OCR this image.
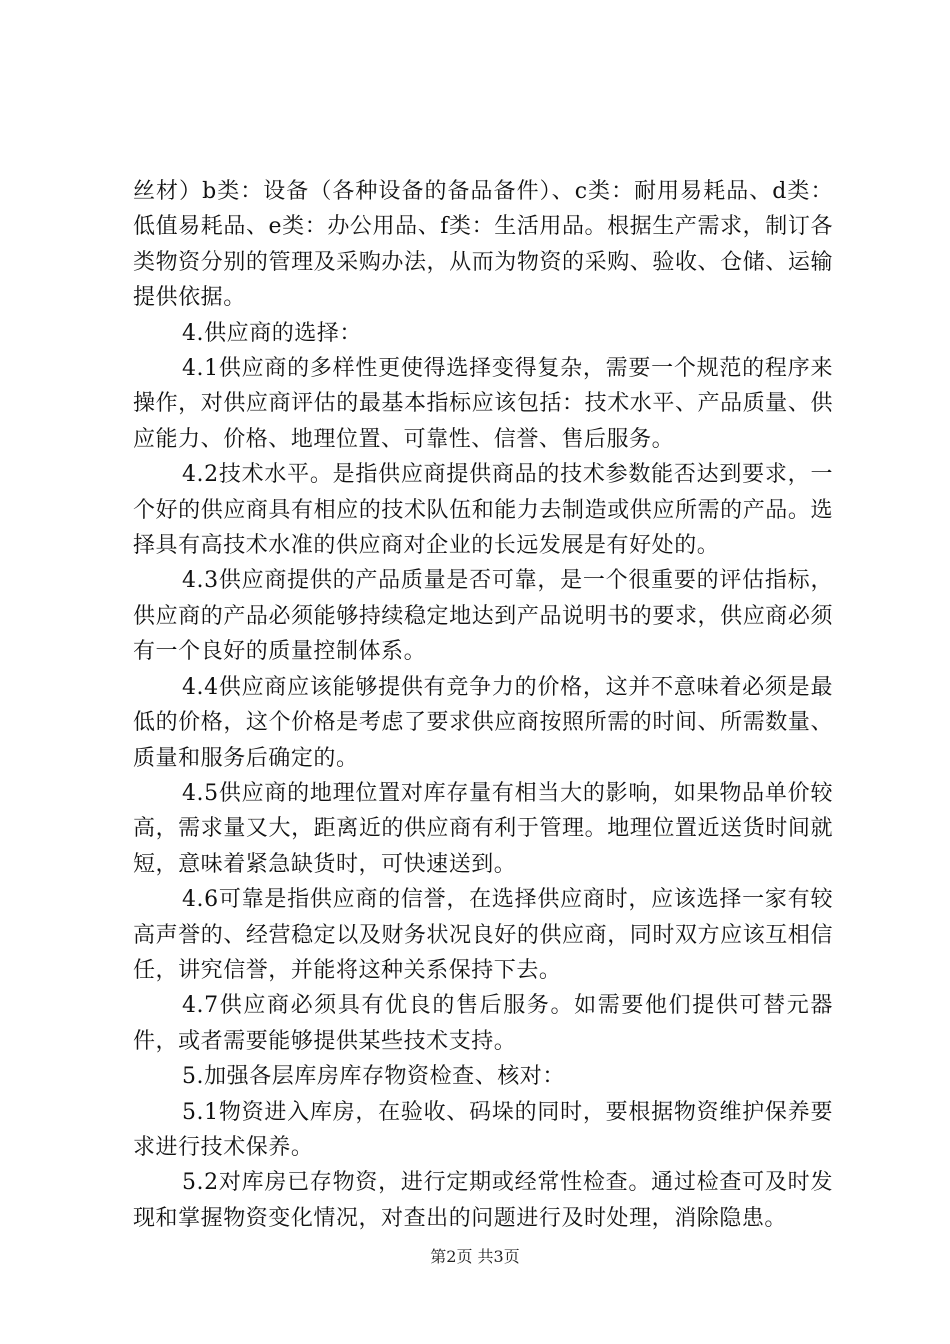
丝材）b类：设备（各种设备的备品备件）、c类：耐用易耗品、d类：低值易耗品、e类：办公用品、f类：生活用品。根据生产需求，制订各类物资分别的管理及采购办法，从而为物资的采购、验收、仓储、运输提供依据。

4.供应商的选择：

4.1供应商的多样性更使得选择变得复杂，需要一个规范的程序来操作，对供应商评估的最基本指标应该包括：技术水平、产品质量、供应能力、价格、地理位置、可靠性、信誉、售后服务。

4.2技术水平。是指供应商提供商品的技术参数能否达到要求，一个好的供应商具有相应的技术队伍和能力去制造或供应所需的产品。选择具有高技术水准的供应商对企业的长远发展是有好处的。

4.3供应商提供的产品质量是否可靠，是一个很重要的评估指标，供应商的产品必须能够持续稳定地达到产品说明书的要求，供应商必须有一个良好的质量控制体系。

4.4供应商应该能够提供有竞争力的价格，这并不意味着必须是最低的价格，这个价格是考虑了要求供应商按照所需的时间、所需数量、质量和服务后确定的。

4.5供应商的地理位置对库存量有相当大的影响，如果物品单价较高，需求量又大，距离近的供应商有利于管理。地理位置近送货时间就短，意味着紧急缺货时，可快速送到。

4.6可靠是指供应商的信誉，在选择供应商时，应该选择一家有较高声誉的、经营稳定以及财务状况良好的供应商，同时双方应该互相信任，讲究信誉，并能将这种关系保持下去。

4.7供应商必须具有优良的售后服务。如需要他们提供可替元器件，或者需要能够提供某些技术支持。

5.加强各层库房库存物资检查、核对：

5.1物资进入库房，在验收、码垛的同时，要根据物资维护保养要求进行技术保养。

5.2对库房已存物资，进行定期或经常性检查。通过检查可及时发现和掌握物资变化情况，对查出的问题进行及时处理，消除隐患。

第2页 共3页
